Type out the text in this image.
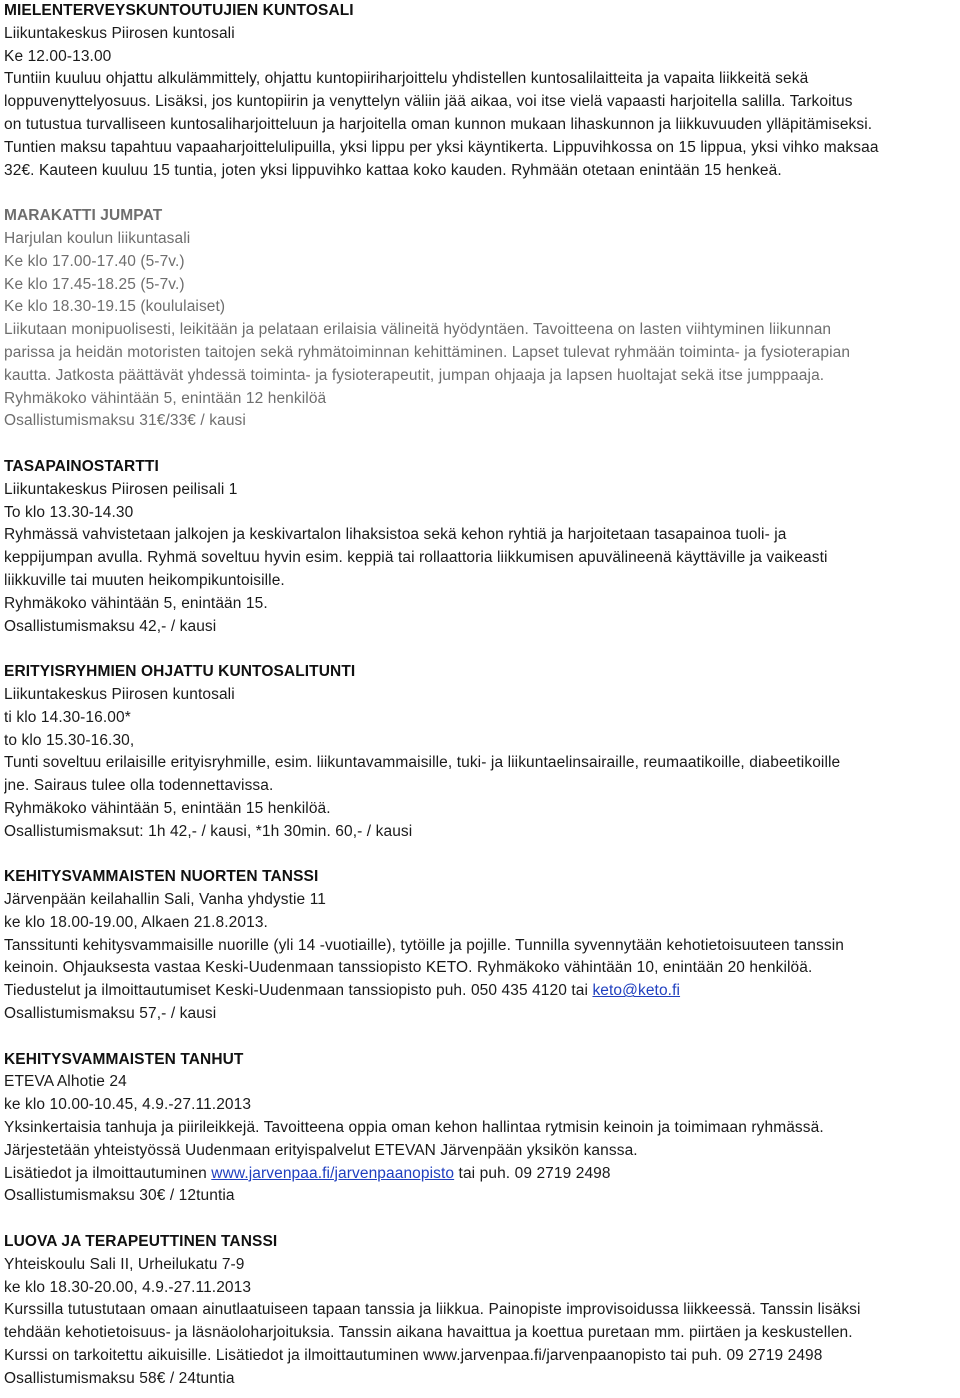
MIELENTERVEYSKUNTOUTUJIEN KUNTOSALI
Liikuntakeskus Piirosen kuntosali
Ke 12.00-13.00
Tuntiin kuuluu ohjattu alkulämmittely, ohjattu kuntopiiriharjoittelu yhdistellen kuntosalilaitteita ja vapaita liikkeitä sekä
loppuvenyttelyosuus. Lisäksi, jos kuntopiirin ja venyttelyn väliin jää aikaa, voi itse vielä vapaasti harjoitella salilla. Tarkoitus
on tutustua turvalliseen kuntosaliharjoitteluun ja harjoitella oman kunnon mukaan lihaskunnon ja liikkuvuuden ylläpitämiseksi.
Tuntien maksu tapahtuu vapaaharjoittelulipuilla, yksi lippu per yksi käyntikerta. Lippuvihkossa on 15 lippua, yksi vihko maksaa
32€. Kauteen kuuluu 15 tuntia, joten yksi lippuvihko kattaa koko kauden. Ryhmään otetaan enintään 15 henkeä.
MARAKATTI JUMPAT
Harjulan koulun liikuntasali
Ke klo 17.00-17.40 (5-7v.)
Ke klo 17.45-18.25 (5-7v.)
Ke klo 18.30-19.15 (koululaiset)
Liikutaan monipuolisesti, leikitään ja pelataan erilaisia välineitä hyödyntäen. Tavoitteena on lasten viihtyminen liikunnan
parissa ja heidän motoristen taitojen sekä ryhmätoiminnan kehittäminen. Lapset tulevat ryhmään toiminta- ja fysioterapian
kautta. Jatkosta päättävät yhdessä toiminta- ja fysioterapeutit, jumpan ohjaaja ja lapsen huoltajat sekä itse jumppaaja.
Ryhmäkoko vähintään 5, enintään 12 henkilöä
Osallistumismaksu 31€/33€ / kausi
TASAPAINOSTARTTI
Liikuntakeskus Piirosen peilisali 1
To klo 13.30-14.30
Ryhmässä vahvistetaan jalkojen ja keskivartalon lihaksistoa sekä kehon ryhtiä ja harjoitetaan tasapainoa tuoli- ja
keppijumpan avulla. Ryhmä soveltuu hyvin esim. keppiä tai rollaattoria liikkumisen apuvälineenä käyttäville ja vaikeasti
liikkuville tai muuten heikompikuntoisille.
Ryhmäkoko vähintään 5, enintään 15.
Osallistumismaksu 42,- / kausi
ERITYISRYHMIEN OHJATTU KUNTOSALITUNTI
Liikuntakeskus Piirosen kuntosali
ti klo 14.30-16.00*
to klo 15.30-16.30,
Tunti soveltuu erilaisille erityisryhmille, esim. liikuntavammaisille, tuki- ja liikuntaelinsairaille, reumaatikoille, diabeetikoille
jne. Sairaus tulee olla todennettavissa.
Ryhmäkoko vähintään 5, enintään 15 henkilöä.
Osallistumismaksut: 1h 42,- / kausi, *1h 30min. 60,- / kausi
KEHITYSVAMMAISTEN NUORTEN TANSSI
Järvenpään keilahallin Sali, Vanha yhdystie 11
ke klo 18.00-19.00, Alkaen 21.8.2013.
Tanssitunti kehitysvammaisille nuorille (yli 14 -vuotiaille), tytöille ja pojille. Tunnilla syvennytään kehotietoisuuteen tanssin
keinoin. Ohjauksesta vastaa Keski-Uudenmaan tanssiopisto KETO. Ryhmäkoko vähintään 10, enintään 20 henkilöä.
Tiedustelut ja ilmoittautumiset Keski-Uudenmaan tanssiopisto puh. 050 435 4120 tai keto@keto.fi
Osallistumismaksu 57,- / kausi
KEHITYSVAMMAISTEN TANHUT
ETEVA Alhotie 24
ke klo 10.00-10.45, 4.9.-27.11.2013
Yksinkertaisia tanhuja ja piirileikkejä. Tavoitteena oppia oman kehon hallintaa rytmisin keinoin ja toimimaan ryhmässä.
Järjestetään yhteistyössä Uudenmaan erityispalvelut ETEVAN Järvenpään yksikön kanssa.
Lisätiedot ja ilmoittautuminen www.jarvenpaa.fi/jarvenpaanopisto tai puh. 09 2719 2498
Osallistumismaksu 30€ / 12tuntia
LUOVA JA TERAPEUTTINEN TANSSI
Yhteiskoulu Sali II, Urheilukatu 7-9
ke klo 18.30-20.00, 4.9.-27.11.2013
Kurssilla tutustutaan omaan ainutlaatuiseen tapaan tanssia ja liikkua. Painopiste improvisoidussa liikkeessä. Tanssin lisäksi
tehdään kehotietoisuus- ja läsnäoloharjoituksia. Tanssin aikana havaittua ja koettua puretaan mm. piirtäen ja keskustellen.
Kurssi on tarkoitettu aikuisille. Lisätiedot ja ilmoittautuminen www.jarvenpaa.fi/jarvenpaanopisto tai puh. 09 2719 2498
Osallistumismaksu 58€ / 24tuntia
